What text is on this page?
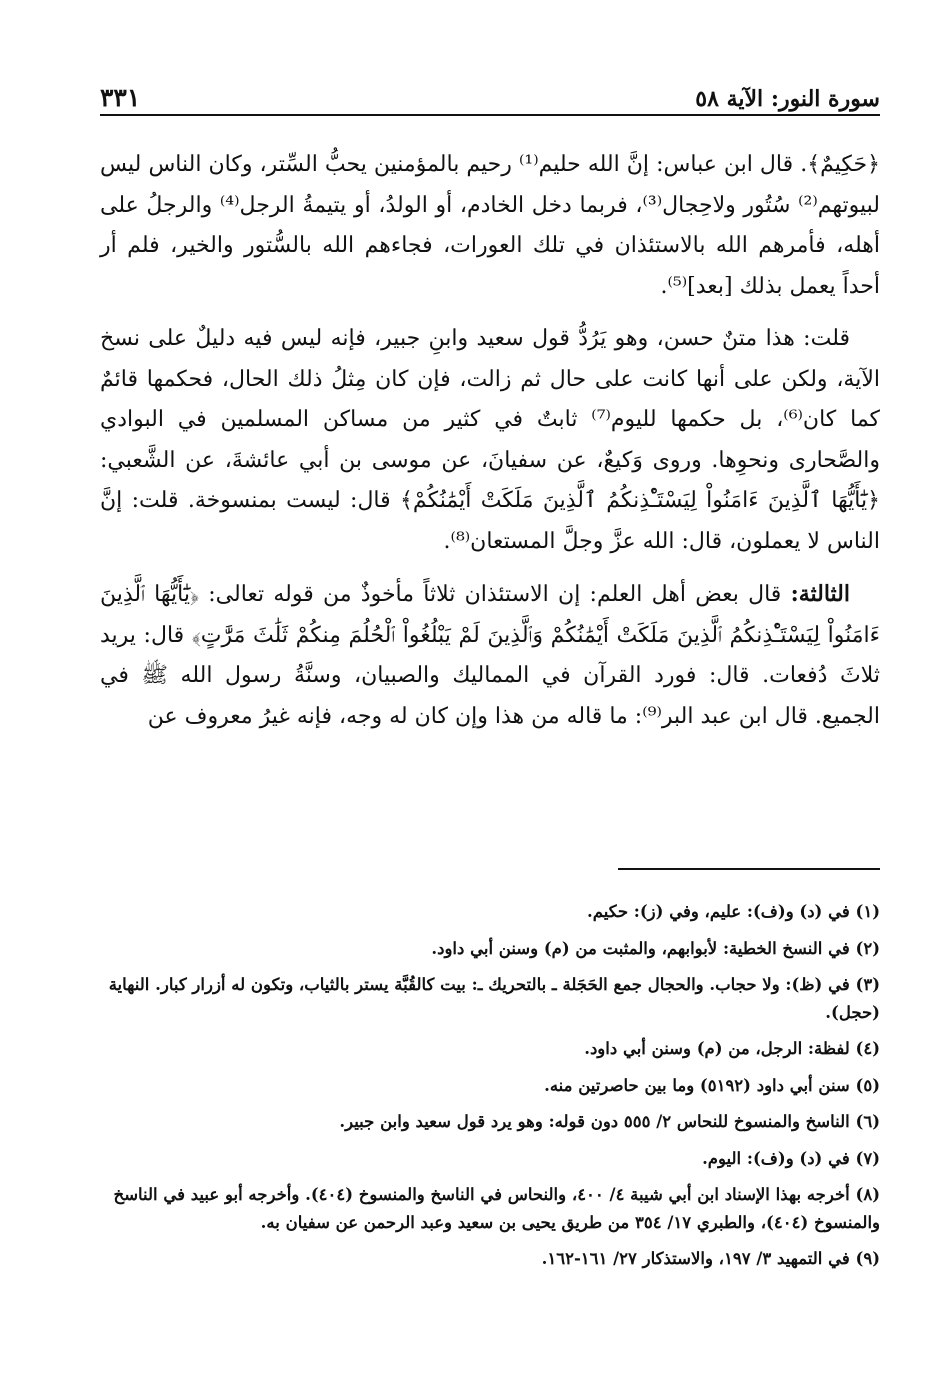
٣٣١	سورة النور: الآية ٥٨

﴿حَكِيمٌ﴾. قال ابن عباس: إنَّ الله حليم⁽¹⁾ رحيم بالمؤمنين يحبُّ السِّتر، وكان الناس ليس لبيوتهم⁽²⁾ سُتُور ولاحِجال⁽³⁾، فربما دخل الخادم، أو الولدُ، أو يتيمةُ الرجل⁽⁴⁾ والرجلُ على أهله، فأمرهم الله بالاستئذان في تلك العورات، فجاءهم الله بالسُّتور والخير، فلم أر أحداً يعمل بذلك [بعد]⁽⁵⁾.

قلت: هذا متنٌ حسن، وهو يَرُدُّ قول سعيد وابنِ جبير، فإنه ليس فيه دليلٌ على نسخ الآية، ولكن على أنها كانت على حال ثم زالت، فإن كان مِثلُ ذلك الحال، فحكمها قائمٌ كما كان⁽⁶⁾، بل حكمها لليوم⁽⁷⁾ ثابتٌ في كثير من مساكن المسلمين في البوادي والصَّحارى ونحوِها. وروى وَكيعٌ، عن سفيانَ، عن موسى بن أبي عائشةَ، عن الشَّعبي: ﴿يَٰٓأَيُّهَا ٱلَّذِينَ ءَامَنُواْ لِيَسْتَـْٔذِنكُمُ ٱلَّذِينَ مَلَكَتْ أَيْمَٰنُكُمْ﴾ قال: ليست بمنسوخة. قلت: إنَّ الناس لا يعملون، قال: الله عزَّ وجلَّ المستعان⁽⁸⁾.

الثالثة: قال بعض أهل العلم: إن الاستئذان ثلاثاً مأخوذٌ من قوله تعالى: ﴿يَٰٓأَيُّهَا ٱلَّذِينَ ءَامَنُواْ لِيَسْتَـْٔذِنكُمُ ٱلَّذِينَ مَلَكَتْ أَيْمَٰنُكُمْ وَٱلَّذِينَ لَمْ يَبْلُغُواْ ٱلْحُلُمَ مِنكُمْ ثَلَٰثَ مَرَّٰتٍ﴾ قال: يريد ثلاثَ دُفعات. قال: فورد القرآن في المماليك والصبيان، وسنَّةُ رسول الله ﷺ في الجميع. قال ابن عبد البر⁽⁹⁾: ما قاله من هذا وإن كان له وجه، فإنه غيرُ معروف عن

(١) في (د) و(ف): عليم، وفي (ز): حكيم.

(٢) في النسخ الخطية: لأبوابهم، والمثبت من (م) وسنن أبي داود.

(٣) في (ظ): ولا حجاب. والحجال جمع الحَجَلة ـ بالتحريك ـ: بيت كالقُبَّة يستر بالثياب، وتكون له أزرار كبار. النهاية (حجل).

(٤) لفظة: الرجل، من (م) وسنن أبي داود.

(٥) سنن أبي داود (٥١٩٢) وما بين حاصرتين منه.

(٦) الناسخ والمنسوخ للنحاس ٢/ ٥٥٥ دون قوله: وهو يرد قول سعيد وابن جبير.

(٧) في (د) و(ف): اليوم.

(٨) أخرجه بهذا الإسناد ابن أبي شيبة ٤/ ٤٠٠، والنحاس في الناسخ والمنسوخ (٤٠٤). وأخرجه أبو عبيد في الناسخ والمنسوخ (٤٠٤)، والطبري ١٧/ ٣٥٤ من طريق يحيى بن سعيد وعبد الرحمن عن سفيان به.

(٩) في التمهيد ٣/ ١٩٧، والاستذكار ٢٧/ ١٦١-١٦٢.
